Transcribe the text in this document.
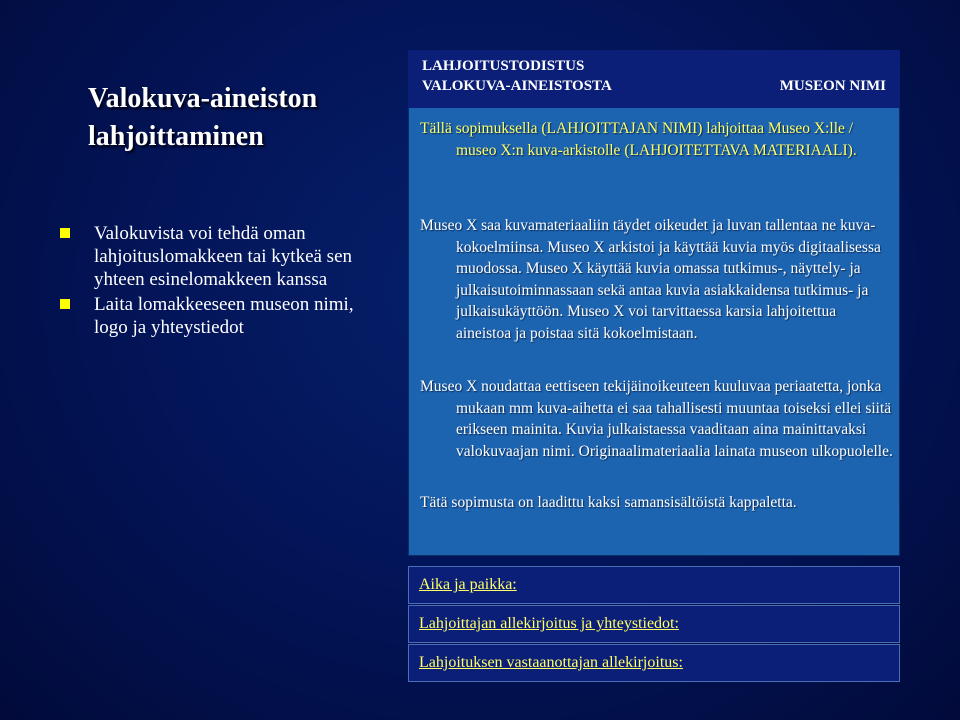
Valokuva-aineiston
lahjoittaminen
Valokuvista voi tehdä oman lahjoituslomakkeen tai kytkeä sen yhteen esinelomakkeen kanssa
Laita lomakkeeseen museon nimi, logo ja yhteystiedot
LAHJOITUSTODISTUS
VALOKUVA-AINEISTOSTA	MUSEON NIMI
Tällä sopimuksella (LAHJOITTAJAN NIMI) lahjoittaa Museo X:lle / museo X:n kuva-arkistolle (LAHJOITETTAVA MATERIAALI).
Museo X saa kuvamateriaaliin täydet oikeudet ja luvan tallentaa ne kuva-kokoelmiinsa. Museo X arkistoi ja käyttää kuvia myös digitaalisessa muodossa. Museo X käyttää kuvia omassa tutkimus-, näyttely- ja julkaisutoiminnassaan sekä antaa kuvia asiakkaidensa tutkimus- ja julkaisukäyttöön. Museo X voi tarvittaessa karsia lahjoitettua aineistoa ja poistaa sitä kokoelmistaan.
Museo X noudattaa eettiseen tekijäinoikeuteen kuuluvaa periaatetta, jonka mukaan mm kuva-aihetta ei saa tahallisesti muuntaa toiseksi ellei siitä erikseen mainita. Kuvia julkaistaessa vaaditaan aina mainittavaksi valokuvaajan nimi. Originaalimateriaalia lainata museon ulkopuolelle.
Tätä sopimusta on laadittu kaksi samansisältöistä kappaletta.
Aika ja paikka:
Lahjoittajan allekirjoitus ja yhteystiedot:
Lahjoituksen vastaanottajan allekirjoitus:
